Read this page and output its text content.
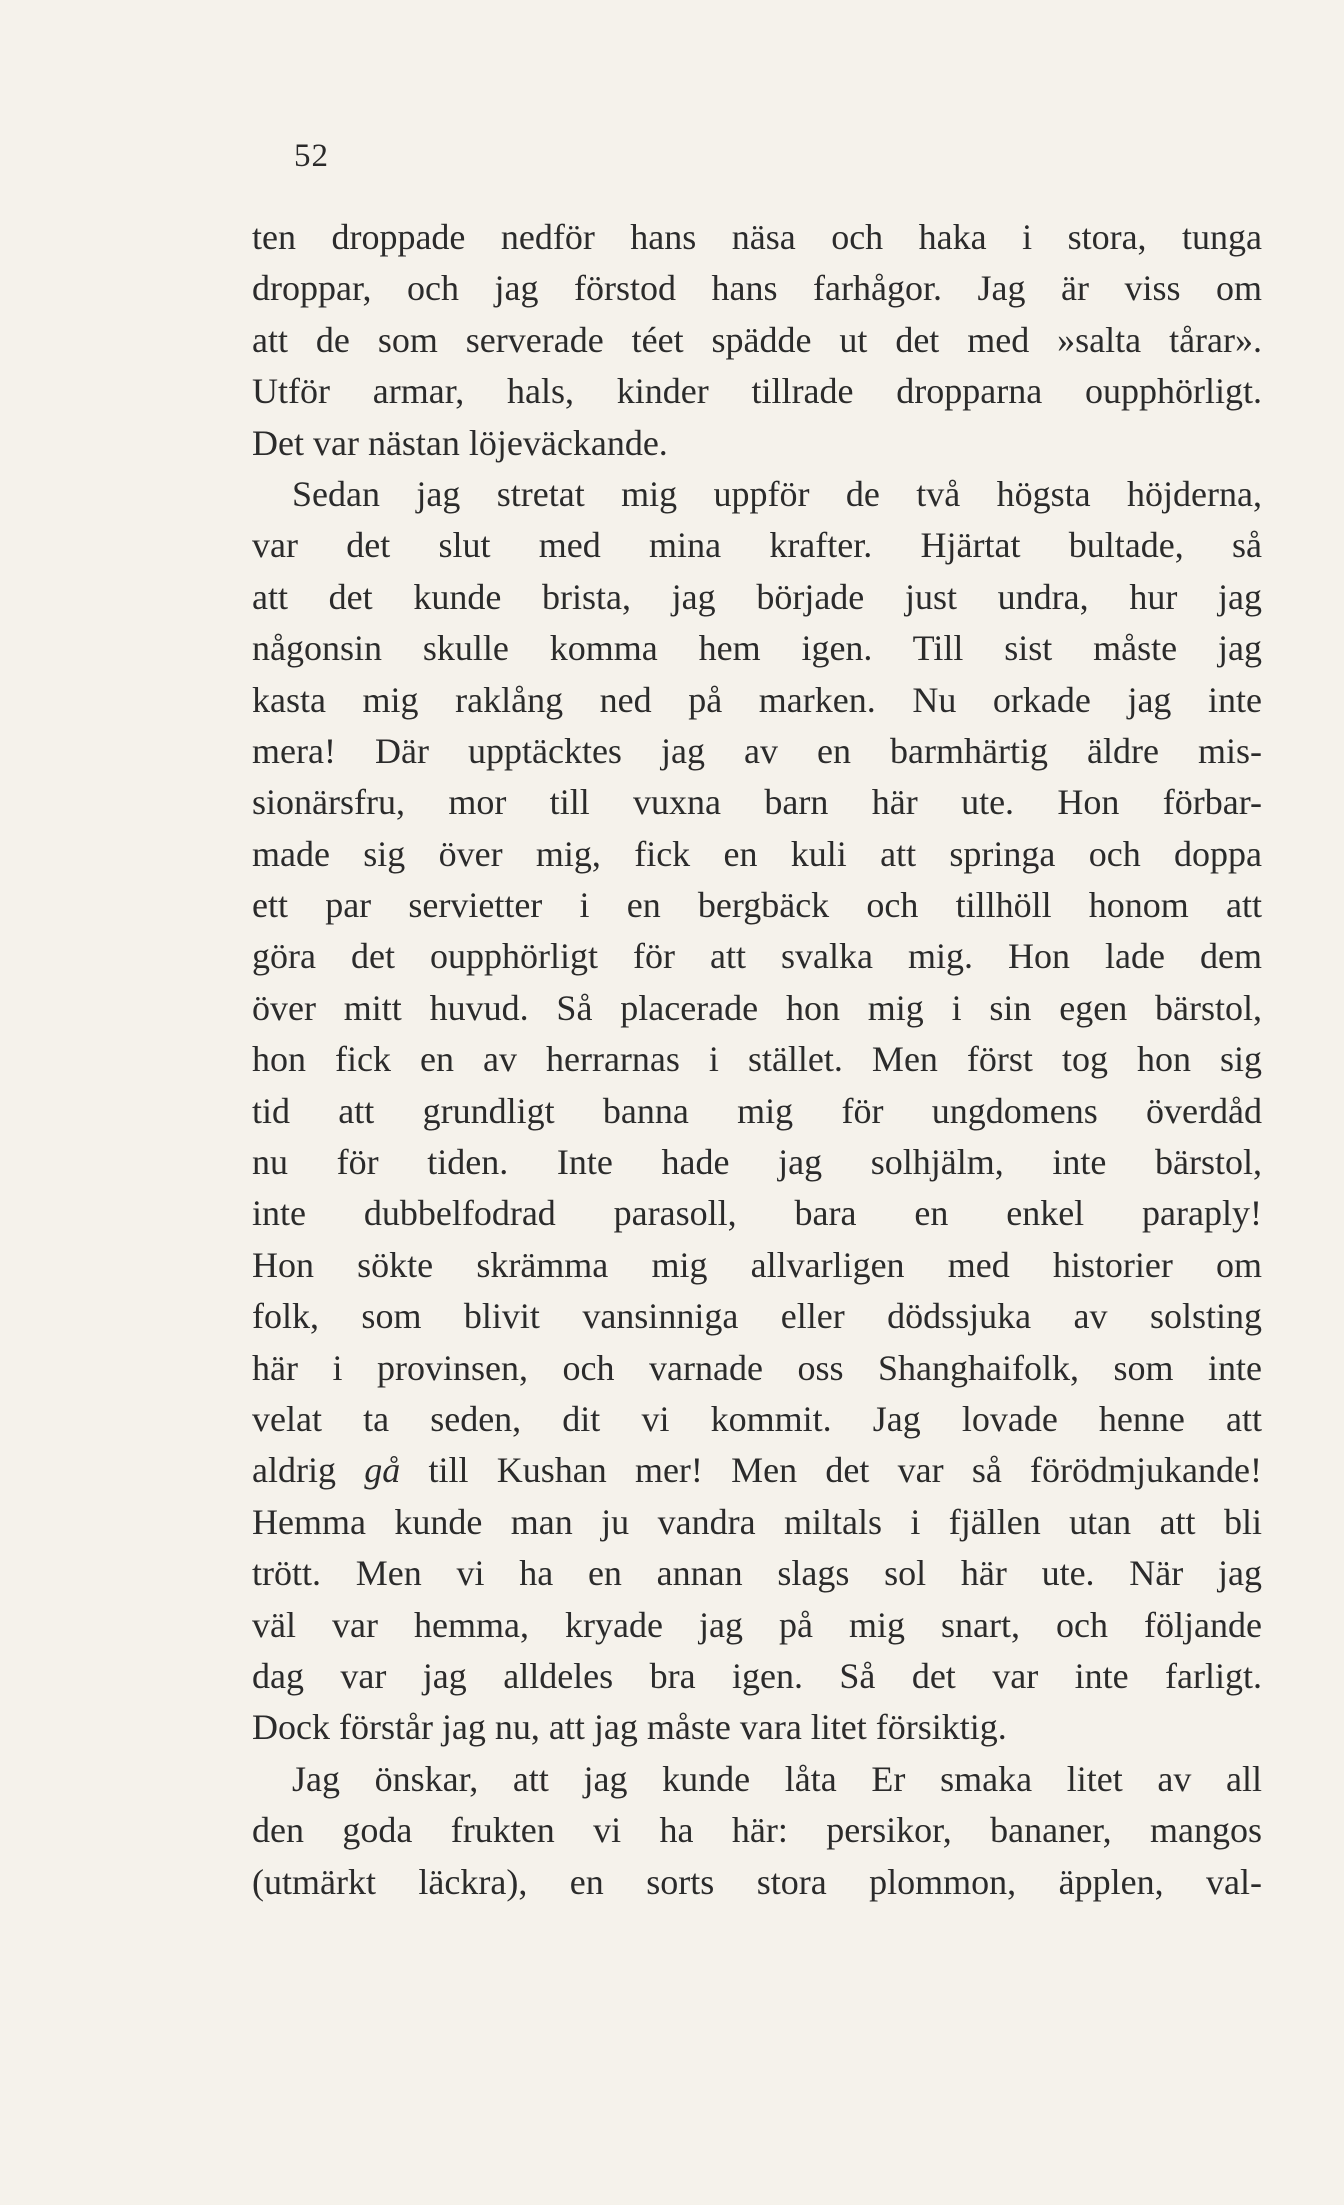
52
ten droppade nedför hans näsa och haka i stora, tunga
droppar, och jag förstod hans farhågor. Jag är viss om
att de som serverade téet spädde ut det med »salta tårar».
Utför armar, hals, kinder tillrade dropparna oupphörligt.
Det var nästan löjeväckande.
Sedan jag stretat mig uppför de två högsta höjderna,
var det slut med mina krafter. Hjärtat bultade, så
att det kunde brista, jag började just undra, hur jag
någonsin skulle komma hem igen. Till sist måste jag
kasta mig raklång ned på marken. Nu orkade jag inte
mera! Där upptäcktes jag av en barmhärtig äldre mis-
sionärsfru, mor till vuxna barn här ute. Hon förbar-
made sig över mig, fick en kuli att springa och doppa
ett par servietter i en bergbäck och tillhöll honom att
göra det oupphörligt för att svalka mig. Hon lade dem
över mitt huvud. Så placerade hon mig i sin egen bärstol,
hon fick en av herrarnas i stället. Men först tog hon sig
tid att grundligt banna mig för ungdomens överdåd
nu för tiden. Inte hade jag solhjälm, inte bärstol,
inte dubbelfodrad parasoll, bara en enkel paraply!
Hon sökte skrämma mig allvarligen med historier om
folk, som blivit vansinniga eller dödssjuka av solsting
här i provinsen, och varnade oss Shanghaifolk, som inte
velat ta seden, dit vi kommit. Jag lovade henne att
aldrig gå till Kushan mer! Men det var så förödmjukande!
Hemma kunde man ju vandra miltals i fjällen utan att bli
trött. Men vi ha en annan slags sol här ute. När jag
väl var hemma, kryade jag på mig snart, och följande
dag var jag alldeles bra igen. Så det var inte farligt.
Dock förstår jag nu, att jag måste vara litet försiktig.
Jag önskar, att jag kunde låta Er smaka litet av all
den goda frukten vi ha här: persikor, bananer, mangos
(utmärkt läckra), en sorts stora plommon, äpplen, val-
